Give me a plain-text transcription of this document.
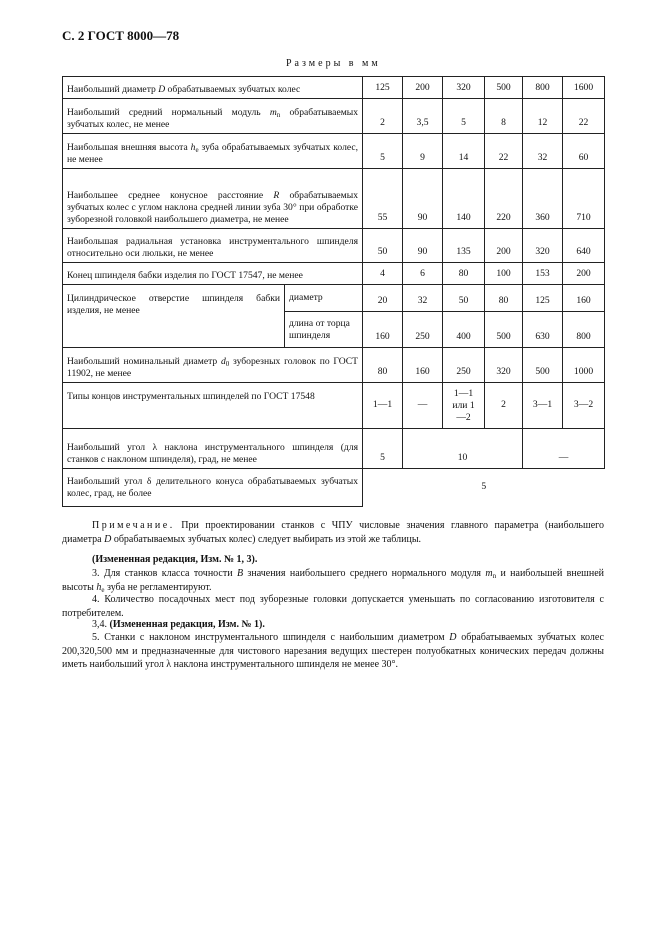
С. 2 ГОСТ 8000—78
Размеры в мм
Наибольший диаметр D обрабатываемых зубчатых колес		125	200	320	500	800	1600
Наибольший средний нормальный модуль $m_n$ обрабатываемых зубчатых колес, не менее		2	3,5	5	8	12	22
Наибольшая внешняя высота $h_e$ зуба обрабатываемых зубчатых колес, не менее		5	9	14	22	32	60
Наибольшее среднее конусное расстояние R обрабатываемых зубчатых колес с углом наклона средней линии зуба 30° при обработке зуборезной головкой наибольшего диаметра, не менее		55	90	140	220	360	710
Наибольшая радиальная установка инструментального шпинделя относительно оси люльки, не менее		50	90	135	200	320	640
Конец шпинделя бабки изделия по ГОСТ 17547, не менее		4	6	80	100	153	200
Цилиндрическое отверстие шпинделя бабки изделия, не менее	диаметр	20	32	50	80	125	160
	длина от торца шпинделя	160	250	400	500	630	800
Наибольший номинальный диаметр $d_0$ зуборезных головок по ГОСТ 11902, не менее		80	160	250	320	500	1000
Типы концов инструментальных шпинделей по ГОСТ 17548		1—1	—	1—1 или 1—2	2	3—1	3—2
Наибольший угол λ наклона инструментального шпинделя (для станков с наклоном шпинделя), град, не менее		5	10			—	
Наибольший угол δ делительного конуса обрабатываемых зубчатых колес, град, не более		5					
Примечание. При проектировании станков с ЧПУ числовые значения главного параметра (наибольшего диаметра D обрабатываемых зубчатых колес) следует выбирать из этой же таблицы.
(Измененная редакция, Изм. № 1, 3).
3. Для станков класса точности B значения наибольшего среднего нормального модуля $m_n$ и наибольшей внешней высоты $h_e$ зуба не регламентируют.
4. Количество посадочных мест под зуборезные головки допускается уменьшать по согласованию изготовителя с потребителем.
3,4. (Измененная редакция, Изм. № 1).
5. Станки с наклоном инструментального шпинделя с наибольшим диаметром D обрабатываемых зубчатых колес 200,320,500 мм и предназначенные для чистового нарезания ведущих шестерен полуобкатных конических передач должны иметь наибольший угол λ наклона инструментального шпинделя не менее 30°.
